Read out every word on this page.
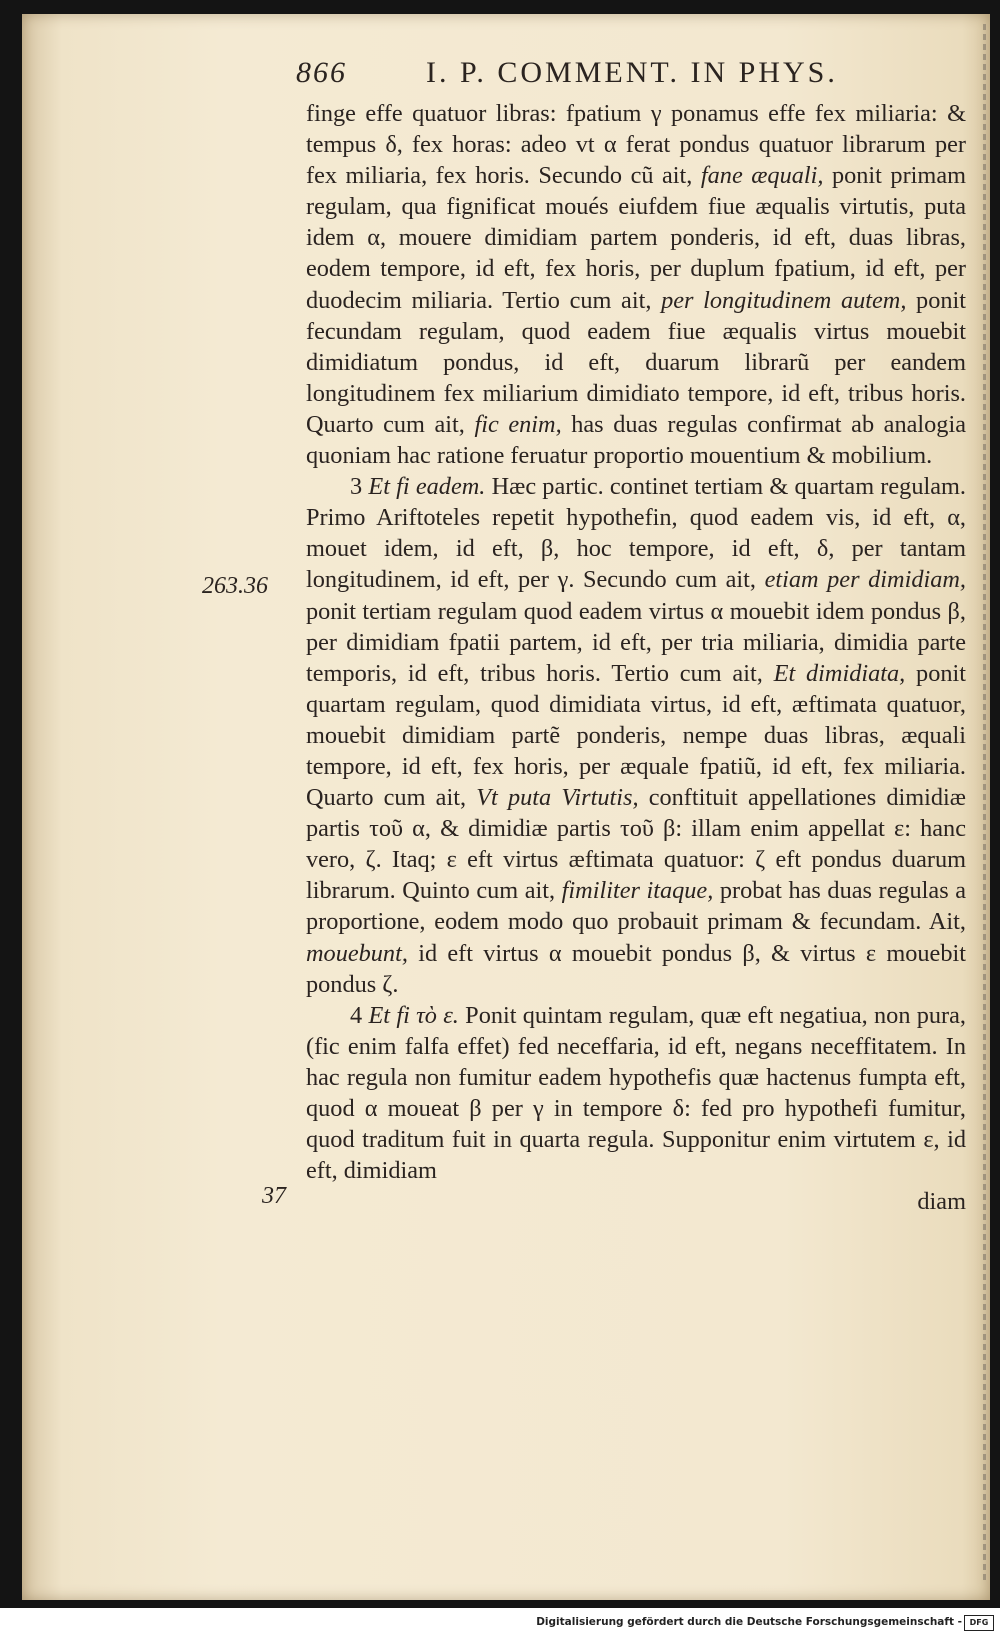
866	I. P. COMMENT. IN PHYS.
263.36
37

finge effe quatuor libras: fpatium γ ponamus effe fex miliaria: & tempus δ, fex horas: adeo vt α ferat pondus quatuor librarum per fex miliaria, fex horis. Secundo cũ ait, fane æquali, ponit primam regulam, qua fignificat moués eiufdem fiue æqualis virtutis, puta idem α, mouere dimidiam partem ponderis, id eft, duas libras, eodem tempore, id eft, fex horis, per duplum fpatium, id eft, per duodecim miliaria. Tertio cum ait, per longitudinem autem, ponit fecundam regulam, quod eadem fiue æqualis virtus mouebit dimidiatum pondus, id eft, duarum librarũ per eandem longitudinem fex miliarium dimidiato tempore, id eft, tribus horis. Quarto cum ait, fic enim, has duas regulas confirmat ab analogia quoniam hac ratione feruatur proportio mouentium & mobilium.

3 Et fi eadem. Hæc partic. continet tertiam & quartam regulam. Primo Ariftoteles repetit hypothefin, quod eadem vis, id eft, α, mouet idem, id eft, β, hoc tempore, id eft, δ, per tantam longitudinem, id eft, per γ. Secundo cum ait, etiam per dimidiam, ponit tertiam regulam quod eadem virtus α mouebit idem pondus β, per dimidiam fpatii partem, id eft, per tria miliaria, dimidia parte temporis, id eft, tribus horis. Tertio cum ait, Et dimidiata, ponit quartam regulam, quod dimidiata virtus, id eft, æftimata quatuor, mouebit dimidiam partẽ ponderis, nempe duas libras, æquali tempore, id eft, fex horis, per æquale fpatiũ, id eft, fex miliaria. Quarto cum ait, Vt puta Virtutis, conftituit appellationes dimidiæ partis τοῦ α, & dimidiæ partis τοῦ β: illam enim appellat ε: hanc vero, ζ. Itaq; ε eft virtus æftimata quatuor: ζ eft pondus duarum librarum. Quinto cum ait, fimiliter itaque, probat has duas regulas a proportione, eodem modo quo probauit primam & fecundam. Ait, mouebunt, id eft virtus α mouebit pondus β, & virtus ε mouebit pondus ζ.

4 Et fi τὸ ε. Ponit quintam regulam, quæ eft negatiua, non pura, (fic enim falfa effet) fed neceffaria, id eft, negans neceffitatem. In hac regula non fumitur eadem hypothefis quæ hactenus fumpta eft, quod α moueat β per γ in tempore δ: fed pro hypothefi fumitur, quod traditum fuit in quarta regula. Supponitur enim virtutem ε, id eft, dimidiam

diam

Digitalisierung gefördert durch die Deutsche Forschungsgemeinschaft - DFG
